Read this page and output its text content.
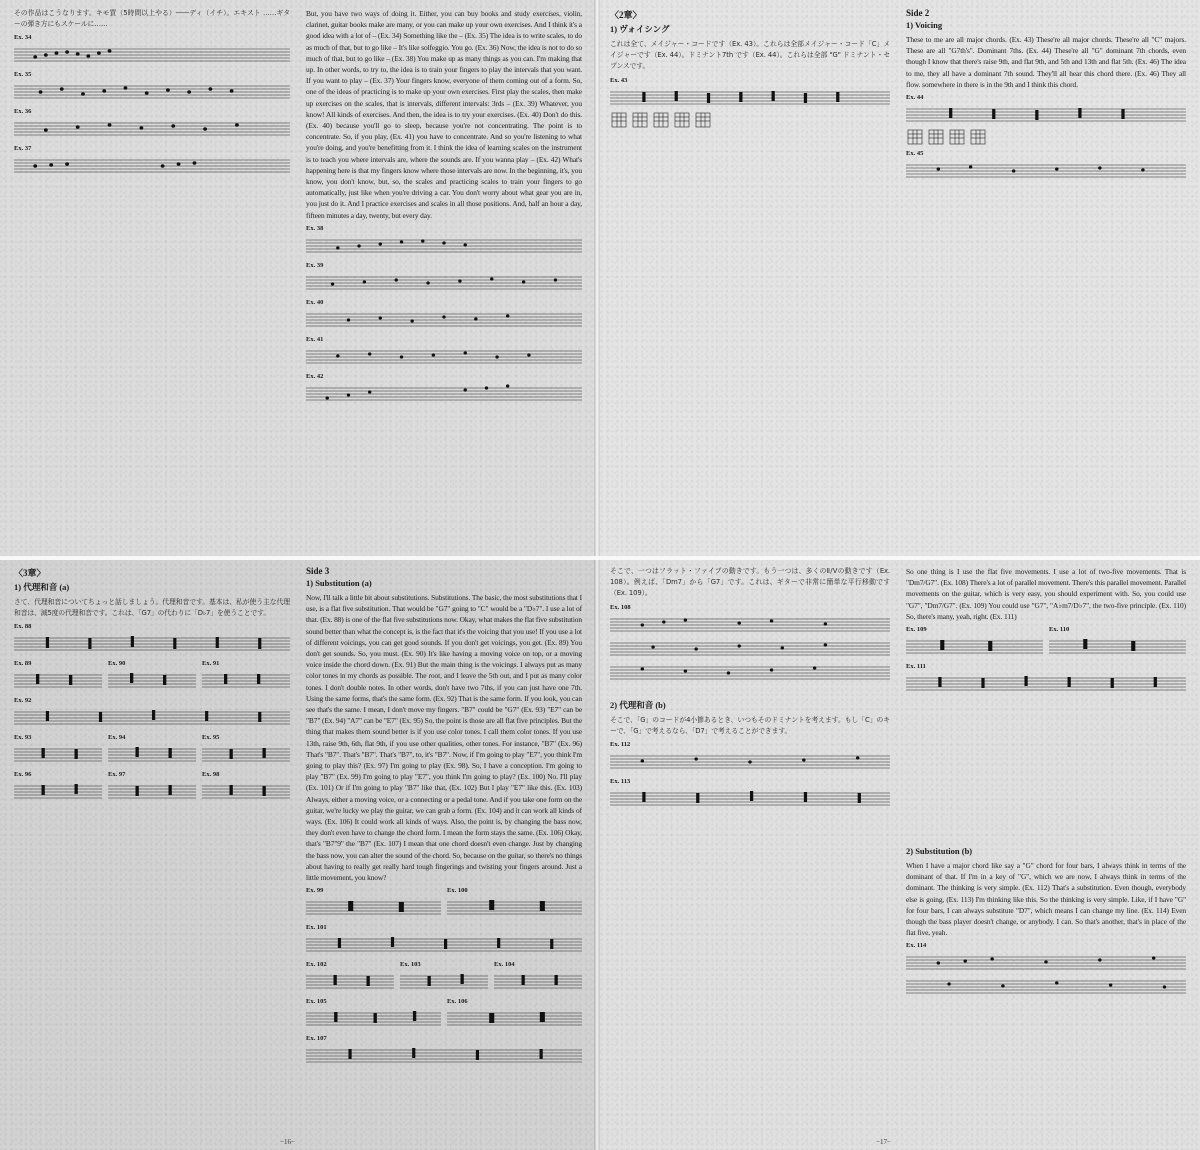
その作品はこうなります。キモ買（5時間以上やる）――ディ（イチ）。エキスト ……ギターの弾き方にもスケールに……

Ex. 34
Ex. 35
Ex. 36
Ex. 37

But, you have two ways of doing it. Either, you can buy books and study exercises, violin, clarinet, guitar books make are many, or you can make up your own exercises. And I think it's a good idea with a lot of – (Ex. 34) Something like the – (Ex. 35) The idea is to write scales, to do as much of that, but to go like – It's like solfeggio. You go. (Ex. 36) Now, the idea is not to do so much of that, but to go like – (Ex. 38) You make up as many things as you can. I'm making that up. In other words, to try to, the idea is to train your fingers to play the intervals that you want. If you want to play – (Ex. 37) Your fingers know, everyone of them coming out of a form. So, one of the ideas of practicing is to make up your own exercises. First play the scales, then make up exercises on the scales, that is intervals, different intervals: 3rds – (Ex. 39) Whatever, you know! All kinds of exercises. And then, the idea is to try your exercises. (Ex. 40) Don't do this. (Ex. 40) because you'll go to sleep, because you're not concentrating. The point is to concentrate. So, if you play, (Ex. 41) you have to concentrate. And so you're listening to what you're doing, and you're benefitting from it. I think the idea of learning scales on the instrument is to teach you where intervals are, where the sounds are. If you wanna play – (Ex. 42) What's happening here is that my fingers know where those intervals are now. In the beginning, it's, you know, you don't know, but, so, the scales and practicing scales to train your fingers to go automatically, just like when you're driving a car. You don't worry about what gear you are in, you just do it. And I practice exercises and scales in all those positions. And, half an hour a day, fifteen minutes a day, twenty, but every day.

Ex. 38
Ex. 39
Ex. 40
Ex. 41
Ex. 42
〈2章〉
1) ヴォイシング

これは全て、メイジャー・コードです（Ex. 43）。これらは全部メイジャー・コード「C」メイジャーです（Ex. 44）。ドミナント7th です（Ex. 44）。これらは全部 "G" ドミナント・セブンスです。

Ex. 43
Side 2
1) Voicing

These to me are all major chords. (Ex. 43) These're all major chords. These're all "C" majors. These are all "G7th's". Dominant 7ths. (Ex. 44) These're all "G" dominant 7th chords, even though I know that there's raise 9th, and flat 9th, and 5th and 13th and flat 5th. (Ex. 46) The idea to me, they all have a dominant 7th sound. They'll all hear this chord there. (Ex. 46) They all flow. somewhere in there is in the 9th and I think this chord.

Ex. 44
Ex. 45
〈3章〉
1) 代理和音 (a)

さて、代理和音についてちょっと話しましょう。代理和音です。基本は、私が使う主な代理和音は、減5度の代理和音です。これは、「G7」の代わりに「D♭7」を使うことです。

Ex. 88
Ex. 89	Ex. 90	Ex. 91
Ex. 92
Ex. 93	Ex. 94	Ex. 95
Ex. 96	Ex. 97	Ex. 98
Side 3
1) Substitution (a)

Now, I'll talk a little bit about substitutions. Substitutions. The basic, the most substitutions that I use, is a flat five substitution. That would be "G7" going to "C" would be a "D♭7". I use a lot of that. (Ex. 88) is one of the flat five substitutions now. Okay, what makes the flat five substitution sound better than what the concept is, is the fact that it's the voicing that you use! If you use a lot of different voicings, you can get good sounds. If you don't get voicings, you get. (Ex. 89) You don't get sounds. So, you must. (Ex. 90) It's like having a moving voice on top, or a moving voice inside the chord down. (Ex. 91) But the main thing is the voicings. I always put as many color tones in my chords as possible. The root, and I leave the 5th out, and I put as many color tones. I don't double notes. In other words, don't have two 7ths, if you can just have one 7th. Using the same forms, that's the same form. (Ex. 92) That is the same form. If you look, you can see that's the same. I mean, I don't move my fingers. "B7" could be "G7" (Ex. 93) "E7" can be "B7" (Ex. 94) "A7" can be "E7" (Ex. 95) So, the point is those are all flat five principles. But the thing that makes them sound better is if you use color tones. I call them color tones. If you use 13th, raise 9th, 6th, flat 9th, if you use other qualities, other tones. For instance, "B7" (Ex. 96) That's "B7". That's "B7". That's "B7", to, it's "B7". Now, if I'm going to play "E7", you think I'm going to play this? (Ex. 97) I'm going to play (Ex. 98). So, I have a conception. I'm going to play "B7" (Ex. 99) I'm going to play "E7", you think I'm going to play? (Ex. 100) No. I'll play (Ex. 101) Or if I'm going to play "B7" like that, (Ex. 102) But I play "E7" like this. (Ex. 103) Always, either a moving voice, or a connecting or a pedal tone. And if you take one form on the guitar, we're lucky we play the guitar, we can grab a form. (Ex. 104) and it can work all kinds of ways. (Ex. 106) It could work all kinds of ways. Also, the point is, by changing the bass now, they don't even have to change the chord form. I mean the form stays the same. (Ex. 106) Okay, that's "B7"9" the "B7" (Ex. 107) I mean that one chord doesn't even change. Just by changing the bass now, you can alter the sound of the chord. So, because on the guitar, so there's no things about having to really get really hard tough fingerings and twisting your fingers around. Just a little movement, you know?

Ex. 99	Ex. 100
Ex. 101
Ex. 102	Ex. 103	Ex. 104
Ex. 105	Ex. 106
Ex. 107
−16−

そこで、一つはフラット・ファイブの動きです。もう一つは、多くのⅡ/Ⅴの動きです（Ex. 108）。例えば、「Dm7」から「G7」です。これは、ギターで非常に簡単な平行移動です（Ex. 109）。

Ex. 108
2) 代理和音 (b)

そこで、「G」のコードが4小節あるとき、いつもそのドミナントを考えます。もし「C」のキーで、「G」で考えるなら、「D7」で考えることができます。

Ex. 112
Ex. 113

So one thing is I use the flat five movements. I use a lot of two-five movements. That is "Dm7/G7". (Ex. 108) There's a lot of parallel movement. There's this parallel movement. Parallel movements on the guitar, which is very easy, you should experiment with. So, you could use "G7", "Dm7/G7". (Ex. 109) You could use "G7", "A♭m7/D♭7", the two-five principle. (Ex. 110) So, there's many, yeah, right. (Ex. 111)

Ex. 109	Ex. 110
Ex. 111
2) Substitution (b)

When I have a major chord like say a "G" chord for four bars, I always think in terms of the dominant of that. If I'm in a key of "G", which we are now, I always think in terms of the dominant. The thinking is very simple. (Ex. 112) That's a substitution. Even though, everybody else is going, (Ex. 113) I'm thinking like this. So the thinking is very simple. Like, if I have "G" for four bars, I can always substitute "D7", which means I can change my line. (Ex. 114) Even though the bass player doesn't change, or anybody. I can. So that's another, that's in place of the flat five, yeah.

Ex. 114
−17−
